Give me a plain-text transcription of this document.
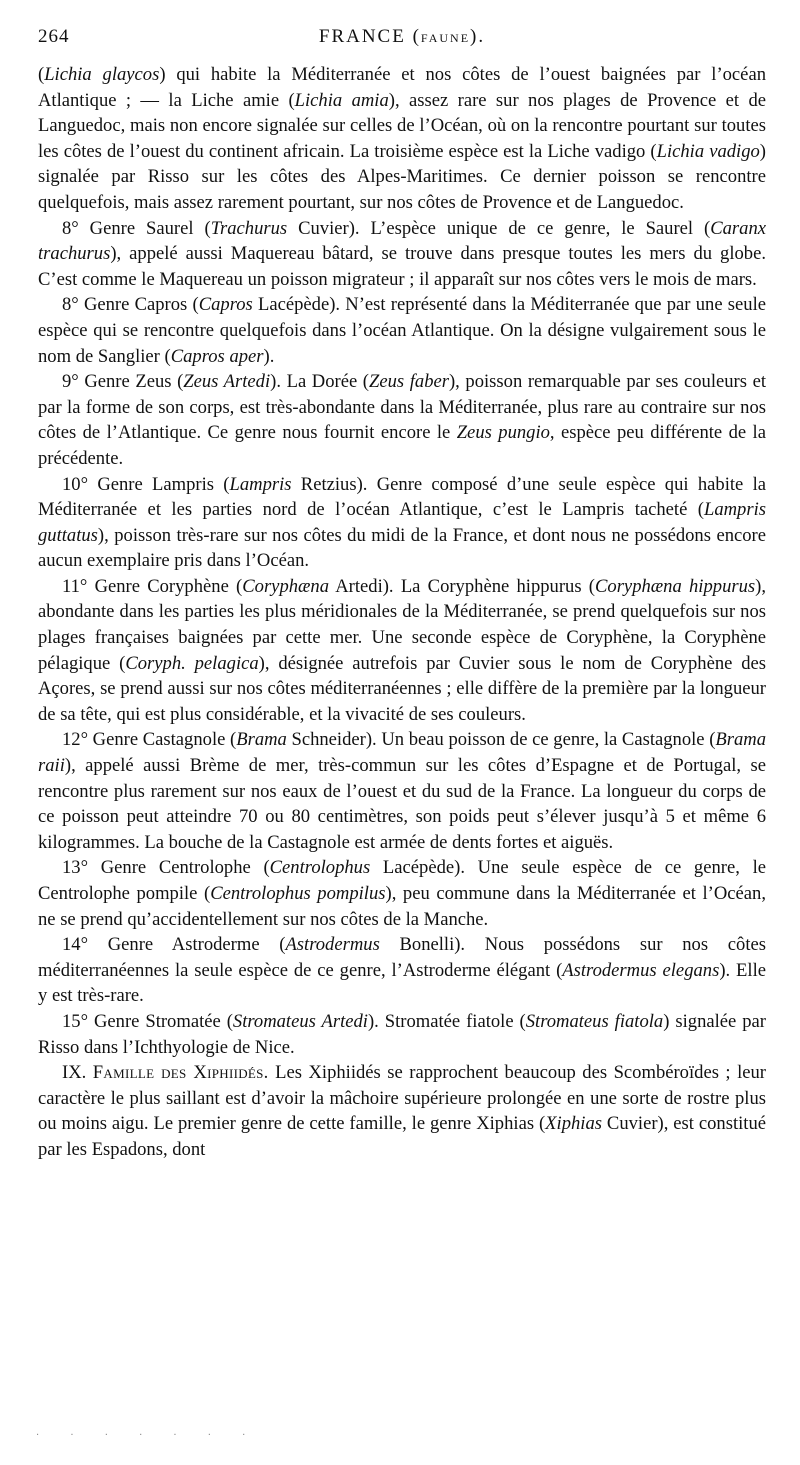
264	FRANCE (FAUNE).

(Lichia glaycos) qui habite la Méditerranée et nos côtes de l’ouest baignées par l’océan Atlantique ; — la Liche amie (Lichia amia), assez rare sur nos plages de Provence et de Languedoc, mais non encore signalée sur celles de l’Océan, où on la rencontre pourtant sur toutes les côtes de l’ouest du continent africain. La troisième espèce est la Liche vadigo (Lichia vadigo) signalée par Risso sur les côtes des Alpes-Maritimes. Ce dernier poisson se rencontre quelquefois, mais assez rarement pourtant, sur nos côtes de Provence et de Languedoc.

8° Genre Saurel (Trachurus Cuvier). L’espèce unique de ce genre, le Saurel (Caranx trachurus), appelé aussi Maquereau bâtard, se trouve dans presque toutes les mers du globe. C’est comme le Maquereau un poisson migrateur ; il apparaît sur nos côtes vers le mois de mars.

8° Genre Capros (Capros Lacépède). N’est représenté dans la Méditerranée que par une seule espèce qui se rencontre quelquefois dans l’océan Atlantique. On la désigne vulgairement sous le nom de Sanglier (Capros aper).

9° Genre Zeus (Zeus Artedi). La Dorée (Zeus faber), poisson remarquable par ses couleurs et par la forme de son corps, est très-abondante dans la Méditerranée, plus rare au contraire sur nos côtes de l’Atlantique. Ce genre nous fournit encore le Zeus pungio, espèce peu différente de la précédente.

10° Genre Lampris (Lampris Retzius). Genre composé d’une seule espèce qui habite la Méditerranée et les parties nord de l’océan Atlantique, c’est le Lampris tacheté (Lampris guttatus), poisson très-rare sur nos côtes du midi de la France, et dont nous ne possédons encore aucun exemplaire pris dans l’Océan.

11° Genre Coryphène (Coryphæna Artedi). La Coryphène hippurus (Coryphæna hippurus), abondante dans les parties les plus méridionales de la Méditerranée, se prend quelquefois sur nos plages françaises baignées par cette mer. Une seconde espèce de Coryphène, la Coryphène pélagique (Coryph. pelagica), désignée autrefois par Cuvier sous le nom de Coryphène des Açores, se prend aussi sur nos côtes méditerranéennes ; elle diffère de la première par la longueur de sa tête, qui est plus considérable, et la vivacité de ses couleurs.

12° Genre Castagnole (Brama Schneider). Un beau poisson de ce genre, la Castagnole (Brama raii), appelé aussi Brème de mer, très-commun sur les côtes d’Espagne et de Portugal, se rencontre plus rarement sur nos eaux de l’ouest et du sud de la France. La longueur du corps de ce poisson peut atteindre 70 ou 80 centimètres, son poids peut s’élever jusqu’à 5 et même 6 kilogrammes. La bouche de la Castagnole est armée de dents fortes et aiguës.

13° Genre Centrolophe (Centrolophus Lacépède). Une seule espèce de ce genre, le Centrolophe pompile (Centrolophus pompilus), peu commune dans la Méditerranée et l’Océan, ne se prend qu’accidentellement sur nos côtes de la Manche.

14° Genre Astroderme (Astrodermus Bonelli). Nous possédons sur nos côtes méditerranéennes la seule espèce de ce genre, l’Astroderme élégant (Astrodermus elegans). Elle y est très-rare.

15° Genre Stromatée (Stromateus Artedi). Stromatée fiatole (Stromateus fiatola) signalée par Risso dans l’Ichthyologie de Nice.

IX. Famille des Xiphiidés. Les Xiphiidés se rapprochent beaucoup des Scombéroïdes ; leur caractère le plus saillant est d’avoir la mâchoire supérieure prolongée en une sorte de rostre plus ou moins aigu. Le premier genre de cette famille, le genre Xiphias (Xiphias Cuvier), est constitué par les Espadons, dont

· · · · · · ·
